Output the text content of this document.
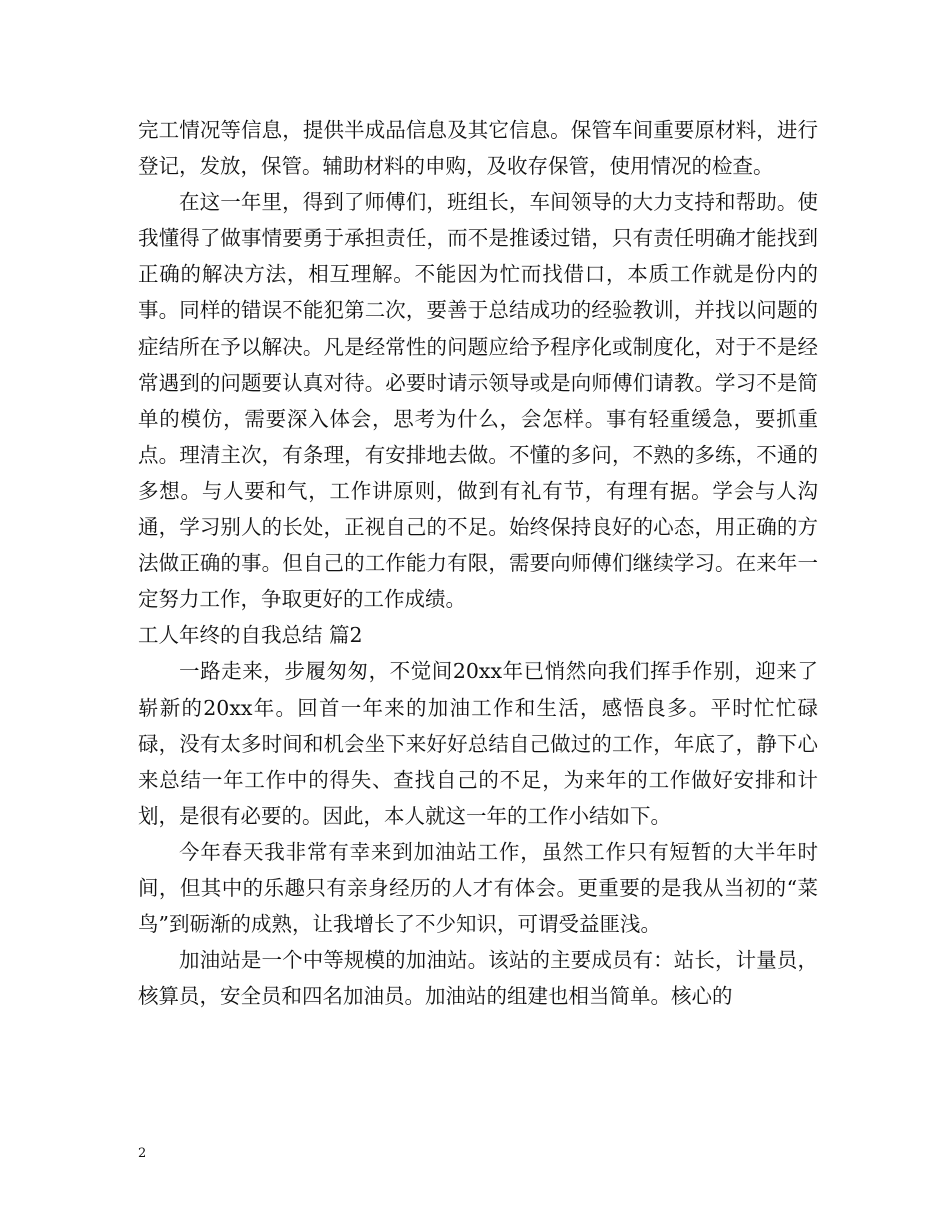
完工情况等信息，提供半成品信息及其它信息。保管车间重要原材料，进行登记，发放，保管。辅助材料的申购，及收存保管，使用情况的检查。

在这一年里，得到了师傅们，班组长，车间领导的大力支持和帮助。使我懂得了做事情要勇于承担责任，而不是推诿过错，只有责任明确才能找到正确的解决方法，相互理解。不能因为忙而找借口，本质工作就是份内的事。同样的错误不能犯第二次，要善于总结成功的经验教训，并找以问题的症结所在予以解决。凡是经常性的问题应给予程序化或制度化，对于不是经常遇到的问题要认真对待。必要时请示领导或是向师傅们请教。学习不是简单的模仿，需要深入体会，思考为什么，会怎样。事有轻重缓急，要抓重点。理清主次，有条理，有安排地去做。不懂的多问，不熟的多练，不通的多想。与人要和气，工作讲原则，做到有礼有节，有理有据。学会与人沟通，学习别人的长处，正视自己的不足。始终保持良好的心态，用正确的方法做正确的事。但自己的工作能力有限，需要向师傅们继续学习。在来年一定努力工作，争取更好的工作成绩。

工人年终的自我总结 篇2

一路走来，步履匆匆，不觉间20xx年已悄然向我们挥手作别，迎来了崭新的20xx年。回首一年来的加油工作和生活，感悟良多。平时忙忙碌碌，没有太多时间和机会坐下来好好总结自己做过的工作，年底了，静下心来总结一年工作中的得失、查找自己的不足，为来年的工作做好安排和计划，是很有必要的。因此，本人就这一年的工作小结如下。

今年春天我非常有幸来到加油站工作，虽然工作只有短暂的大半年时间，但其中的乐趣只有亲身经历的人才有体会。更重要的是我从当初的“菜鸟”到砺渐的成熟，让我增长了不少知识，可谓受益匪浅。

加油站是一个中等规模的加油站。该站的主要成员有：站长，计量员，核算员，安全员和四名加油员。加油站的组建也相当简单。核心的

2
